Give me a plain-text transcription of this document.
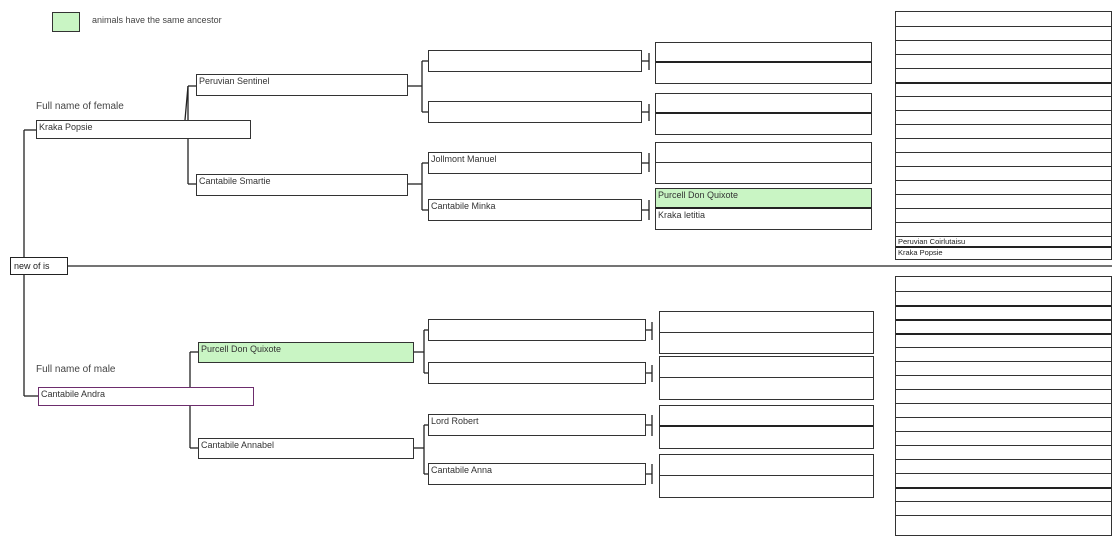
animals have the same ancestor
Full name of female
Full name of male
new of is
Kraka Popsie
Peruvian Sentinel
Cantabile Smartie
Jollmont Manuel
Cantabile Minka
Purcell Don Quixote
Kraka letitia
Cantabile Andra
Purcell Don Quixote
Cantabile Annabel
Lord Robert
Cantabile Anna
Peruvian Coirlutaisu
Kraka Popsie
